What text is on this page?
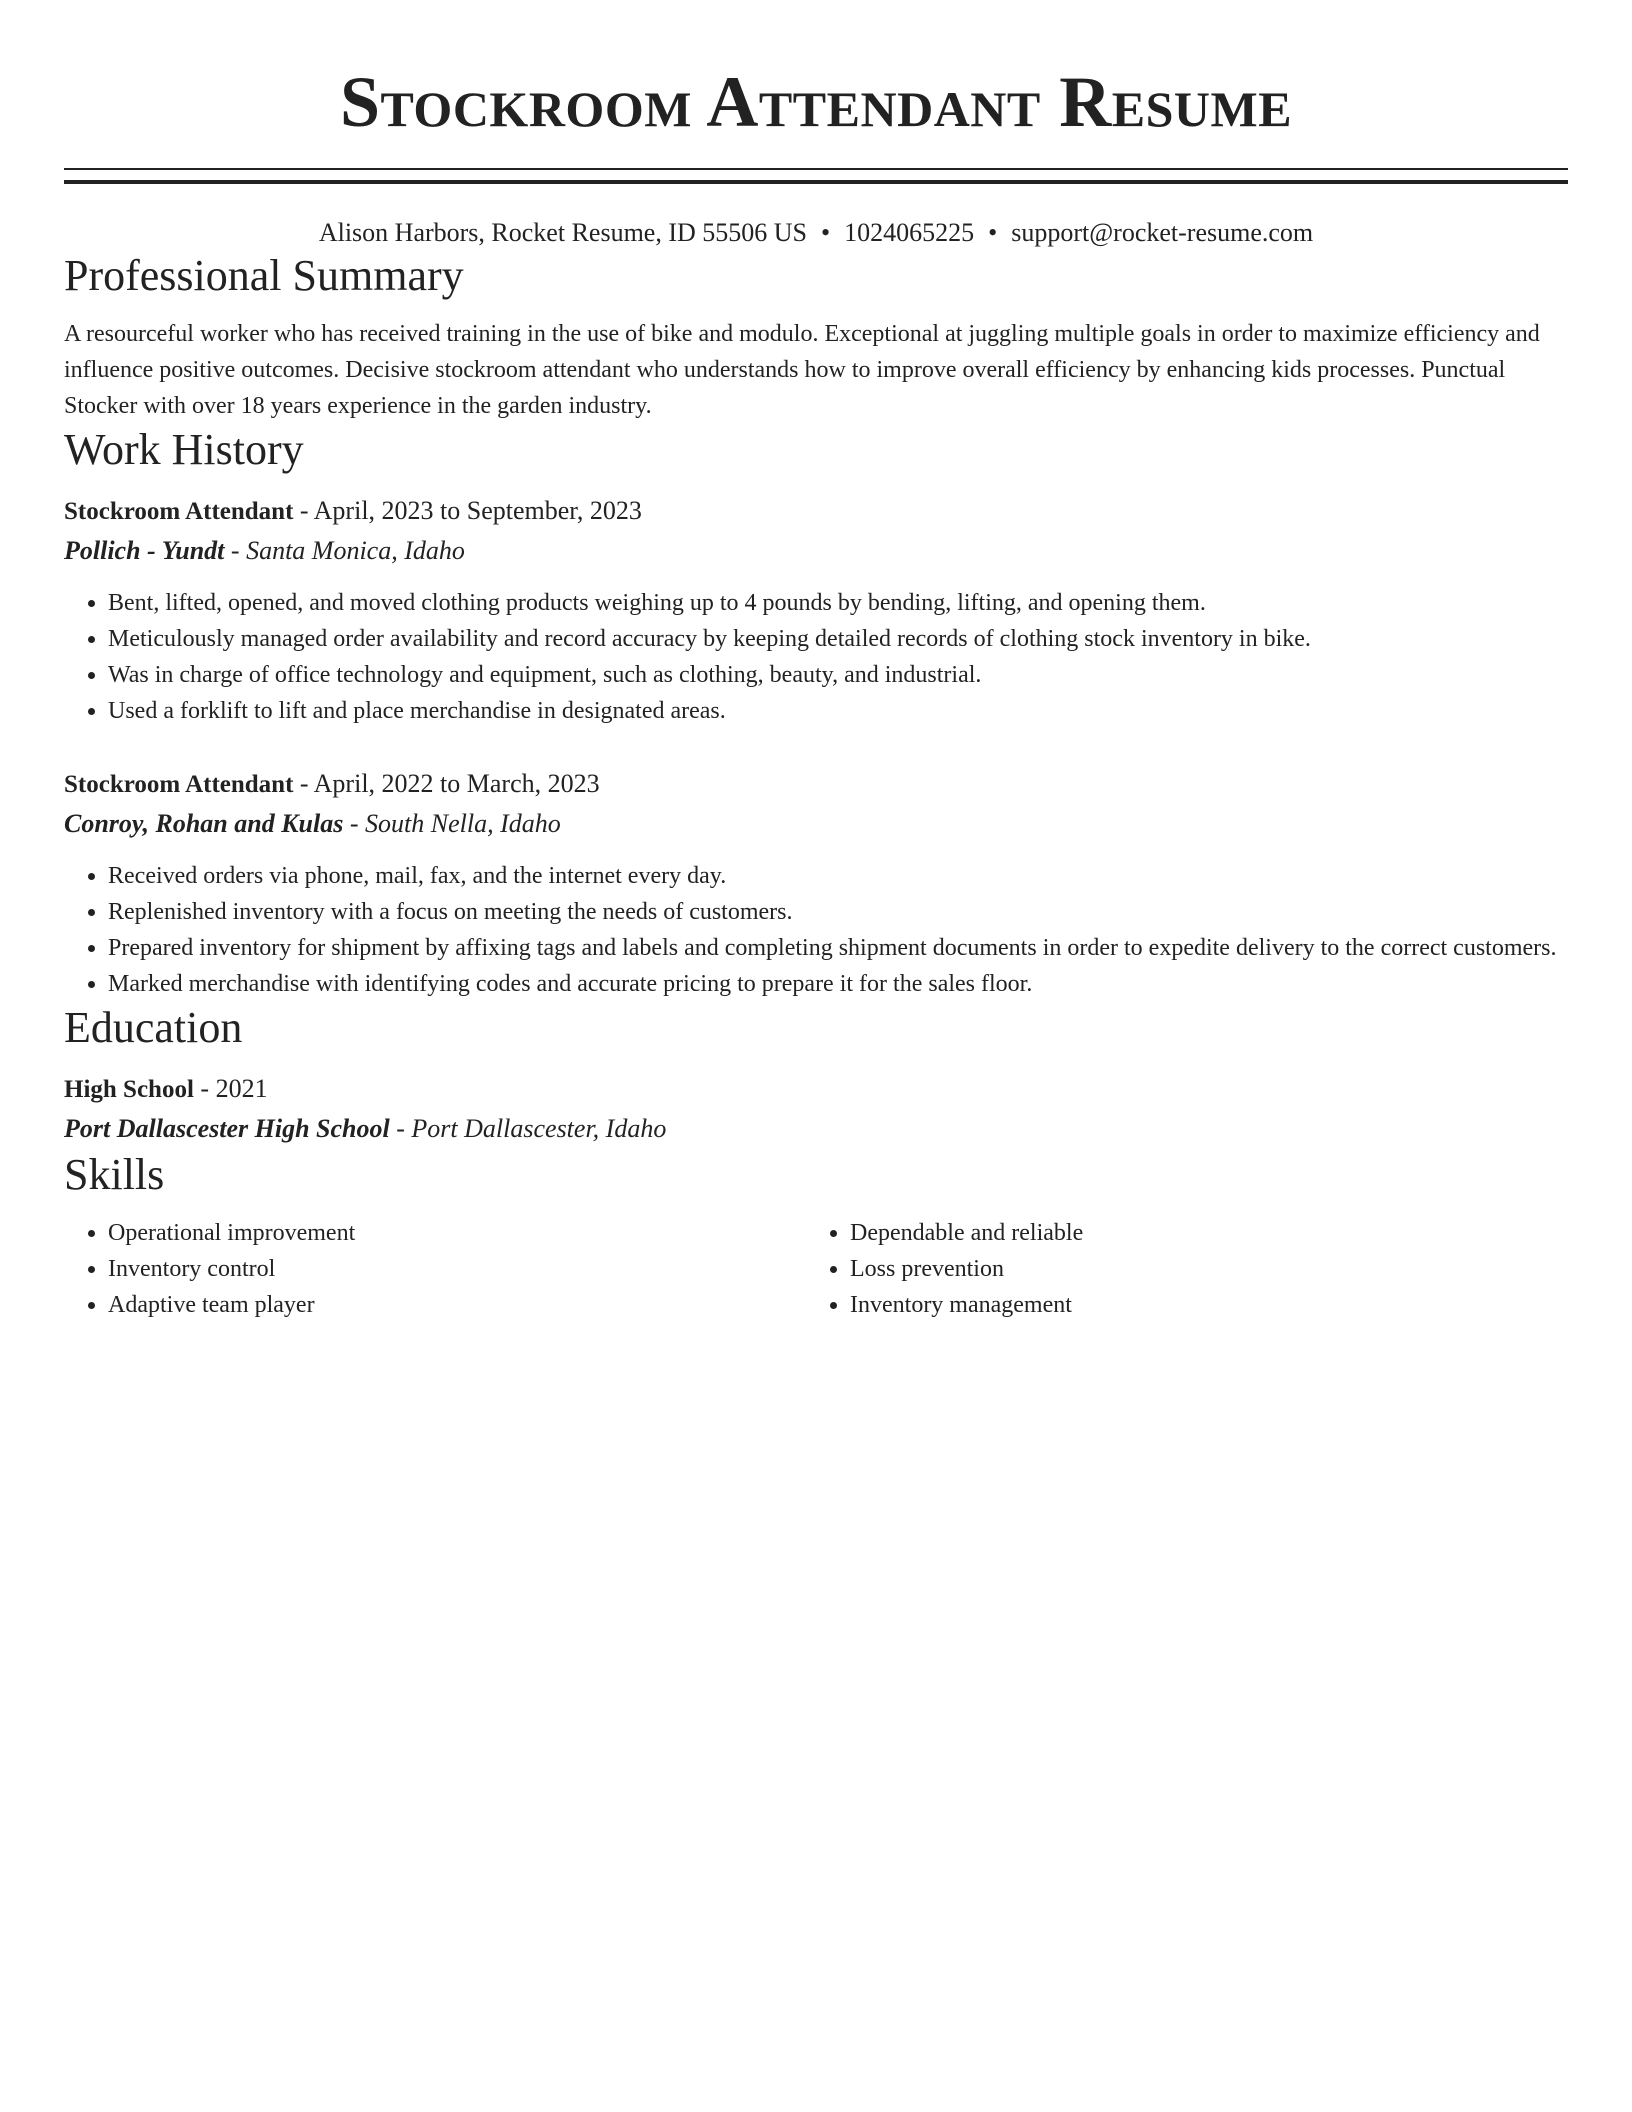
Stockroom Attendant Resume
Alison Harbors, Rocket Resume, ID 55506 US • 1024065225 • support@rocket-resume.com
Professional Summary
A resourceful worker who has received training in the use of bike and modulo. Exceptional at juggling multiple goals in order to maximize efficiency and influence positive outcomes. Decisive stockroom attendant who understands how to improve overall efficiency by enhancing kids processes. Punctual Stocker with over 18 years experience in the garden industry.
Work History
Stockroom Attendant - April, 2023 to September, 2023
Pollich - Yundt - Santa Monica, Idaho
• Bent, lifted, opened, and moved clothing products weighing up to 4 pounds by bending, lifting, and opening them.
• Meticulously managed order availability and record accuracy by keeping detailed records of clothing stock inventory in bike.
• Was in charge of office technology and equipment, such as clothing, beauty, and industrial.
• Used a forklift to lift and place merchandise in designated areas.
Stockroom Attendant - April, 2022 to March, 2023
Conroy, Rohan and Kulas - South Nella, Idaho
• Received orders via phone, mail, fax, and the internet every day.
• Replenished inventory with a focus on meeting the needs of customers.
• Prepared inventory for shipment by affixing tags and labels and completing shipment documents in order to expedite delivery to the correct customers.
• Marked merchandise with identifying codes and accurate pricing to prepare it for the sales floor.
Education
High School - 2021
Port Dallascester High School - Port Dallascester, Idaho
Skills
• Operational improvement
• Inventory control
• Adaptive team player
• Dependable and reliable
• Loss prevention
• Inventory management
